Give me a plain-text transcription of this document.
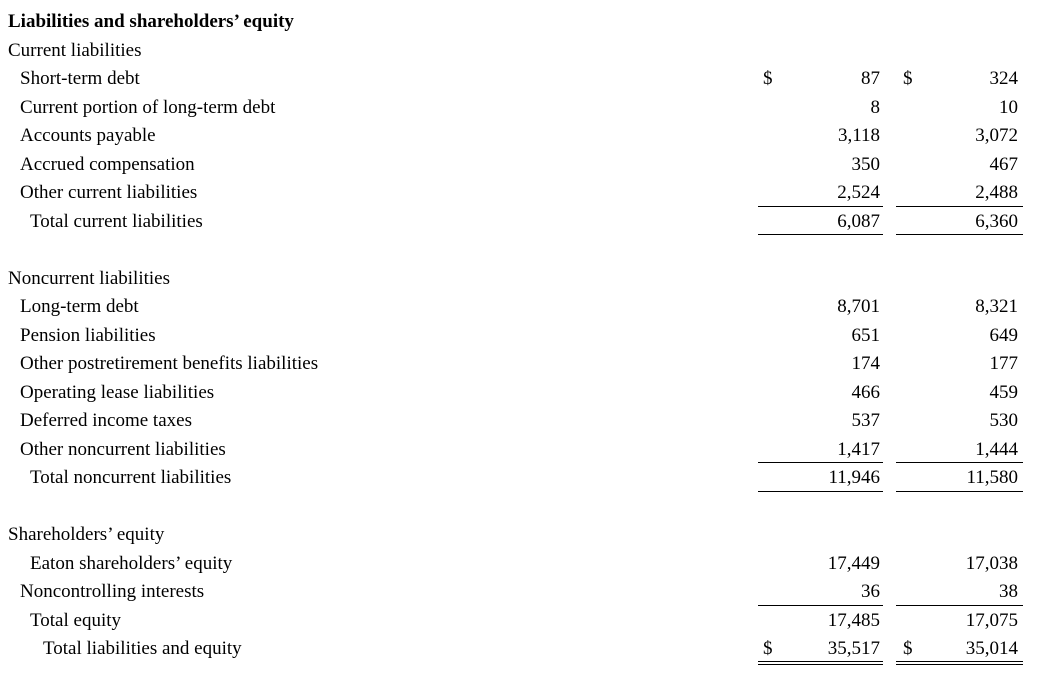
Liabilities and shareholders’ equity
Current liabilities
Short-term debt	$	87 $	324
Current portion of long-term debt	8	10
Accounts payable	3,118	3,072
Accrued compensation	350	467
Other current liabilities	2,524	2,488
Total current liabilities	6,087	6,360
Noncurrent liabilities
Long-term debt	8,701	8,321
Pension liabilities	651	649
Other postretirement benefits liabilities	174	177
Operating lease liabilities	466	459
Deferred income taxes	537	530
Other noncurrent liabilities	1,417	1,444
Total noncurrent liabilities	11,946	11,580
Shareholders’ equity
Eaton shareholders’ equity	17,449	17,038
Noncontrolling interests	36	38
Total equity	17,485	17,075
Total liabilities and equity	$	35,517 $	35,014
